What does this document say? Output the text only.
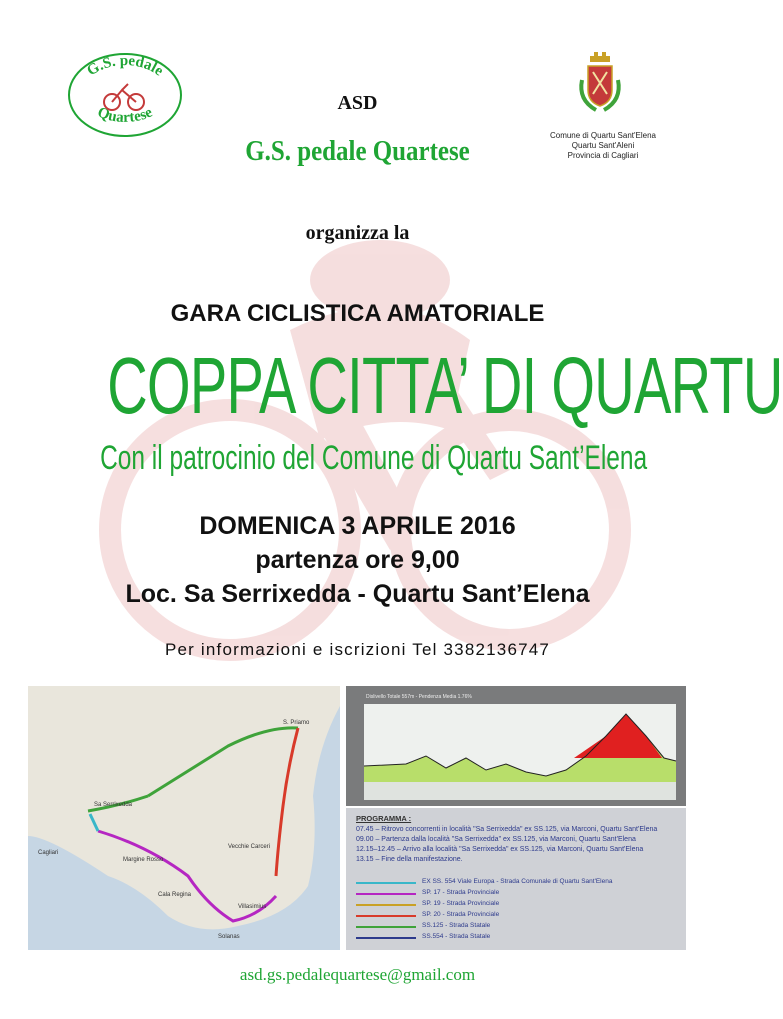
G.S. pedale
Quartese	ASD
G.S. pedale Quartese	Comune di Quartu Sant'Elena
Quartu Sant'Aleni
Provincia di Cagliari
organizza la
GARA CICLISTICA AMATORIALE
COPPA CITTA’ DI QUARTU
Con il patrocinio del Comune di Quartu Sant’Elena
DOMENICA 3 APRILE 2016
partenza ore 9,00
Loc. Sa Serrixedda - Quartu Sant’Elena
Per informazioni e iscrizioni Tel 3382136747
Cagliari
Sa Serrixedda
Margine Rosso
Cala Regina
Solanas
Villasimius
Vecchie Carceri
S. Priamo
Dislivello Totale 557m - Pendenza Media 1.76%
PROGRAMMA :
07.45 – Ritrovo concorrenti in località "Sa Serrixedda" ex SS.125, via Marconi, Quartu Sant'Elena
09.00 – Partenza dalla località "Sa Serrixedda" ex SS.125, via Marconi, Quartu Sant'Elena
12.15–12.45 – Arrivo alla località "Sa Serrixedda" ex SS.125, via Marconi, Quartu Sant'Elena
13.15 – Fine della manifestazione.
EX SS. 554 Viale Europa - Strada Comunale di Quartu Sant'Elena
SP. 17 - Strada Provinciale
SP. 19 - Strada Provinciale
SP. 20 - Strada Provinciale
SS.125 - Strada Statale
SS.554 - Strada Statale
asd.gs.pedalequartese@gmail.com
